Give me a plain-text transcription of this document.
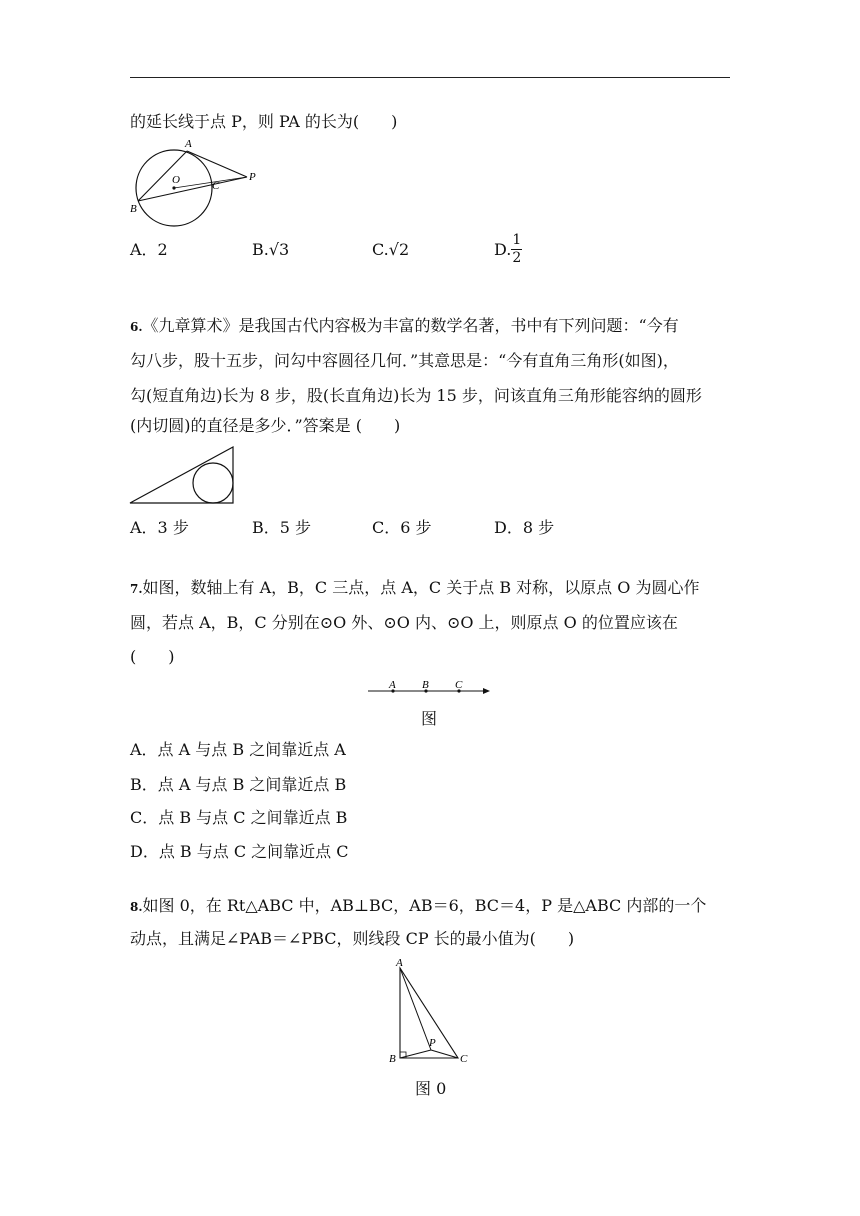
的延长线于点 P，则 PA 的长为(　　)
A
O	C
P
B
A．2	B.√3	C.√2	D. $\frac{1}{2}$
6.《九章算术》是我国古代内容极为丰富的数学名著，书中有下列问题：“今有
勾八步，股十五步，问勾中容圆径几何．”其意思是：“今有直角三角形(如图)，
勾(短直角边)长为 8 步，股(长直角边)长为 15 步，问该直角三角形能容纳的圆形
(内切圆)的直径是多少．”答案是 (　　)
A．3 步	B．5 步	C．6 步	D．8 步
7.如图，数轴上有 A，B，C 三点，点 A，C 关于点 B 对称，以原点 O 为圆心作
圆，若点 A，B，C 分别在⊙O 外、⊙O 内、⊙O 上，则原点 O 的位置应该在
(　　)
A B C
图
A．点 A 与点 B 之间靠近点 A
B．点 A 与点 B 之间靠近点 B
C．点 B 与点 C 之间靠近点 B
D．点 B 与点 C 之间靠近点 C
8.如图 0，在 Rt△ABC 中，AB⊥BC，AB＝6，BC＝4，P 是△ABC 内部的一个
动点，且满足∠PAB＝∠PBC，则线段 CP 长的最小值为(　　)
A
B	C
P
图 0
